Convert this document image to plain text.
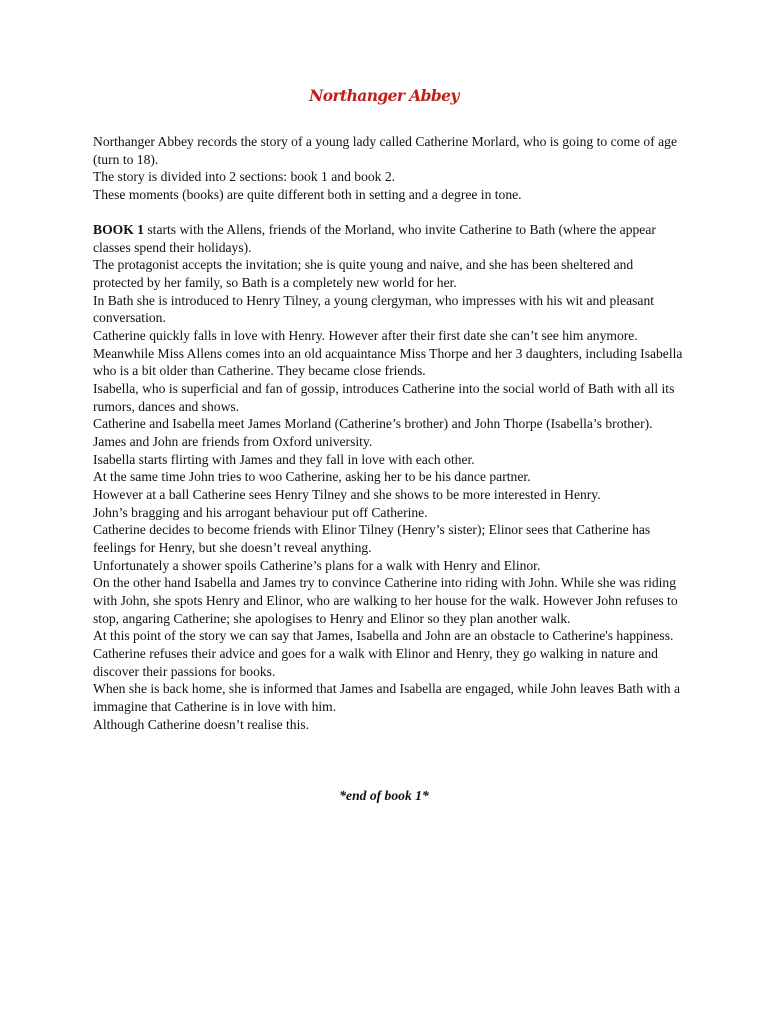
Northanger Abbey

Northanger Abbey records the story of a young lady called Catherine Morlard, who is going to come of age (turn to 18).

The story is divided into 2 sections: book 1 and book 2.

These moments (books) are quite different both in setting and a degree in tone.

BOOK 1 starts with the Allens, friends of the Morland, who invite Catherine to Bath (where the appear classes spend their holidays).

The protagonist accepts the invitation; she is quite young and naive, and she has been sheltered and protected by her family, so Bath is a completely new world for her.

In Bath she is introduced to Henry Tilney, a young clergyman, who impresses with his wit and pleasant conversation.

Catherine quickly falls in love with Henry. However after their first date she can’t see him anymore.

Meanwhile Miss Allens comes into an old acquaintance Miss Thorpe and her 3 daughters, including Isabella who is a bit older than Catherine. They became close friends.

Isabella, who is superficial and fan of gossip, introduces Catherine into the social world of Bath with all its rumors, dances and shows.

Catherine and Isabella meet James Morland (Catherine’s brother) and John Thorpe (Isabella’s brother). James and John are friends from Oxford university.

Isabella starts flirting with James and they fall in love with each other.

At the same time John tries to woo Catherine, asking her to be his dance partner.

However at a ball Catherine sees Henry Tilney and she shows to be more interested in Henry.

John’s bragging and his arrogant behaviour put off Catherine.

Catherine decides to become friends with Elinor Tilney (Henry’s sister); Elinor sees that Catherine has feelings for Henry, but she doesn’t reveal anything.

Unfortunately a shower spoils Catherine’s plans for a walk with Henry and Elinor.

On the other hand Isabella and James try to convince Catherine into riding with John. While she was riding with John, she spots Henry and Elinor, who are walking to her house for the walk. However John refuses to stop, angaring Catherine; she apologises to Henry and Elinor so they plan another walk.

At this point of the story we can say that James, Isabella and John are an obstacle to Catherine's happiness.

Catherine refuses their advice and goes for a walk with Elinor and Henry, they go walking in nature and discover their passions for books.

When she is back home, she is informed that James and Isabella are engaged, while John leaves Bath with a immagine that Catherine is in love with him.

Although Catherine doesn’t realise this.

*end of book 1*
